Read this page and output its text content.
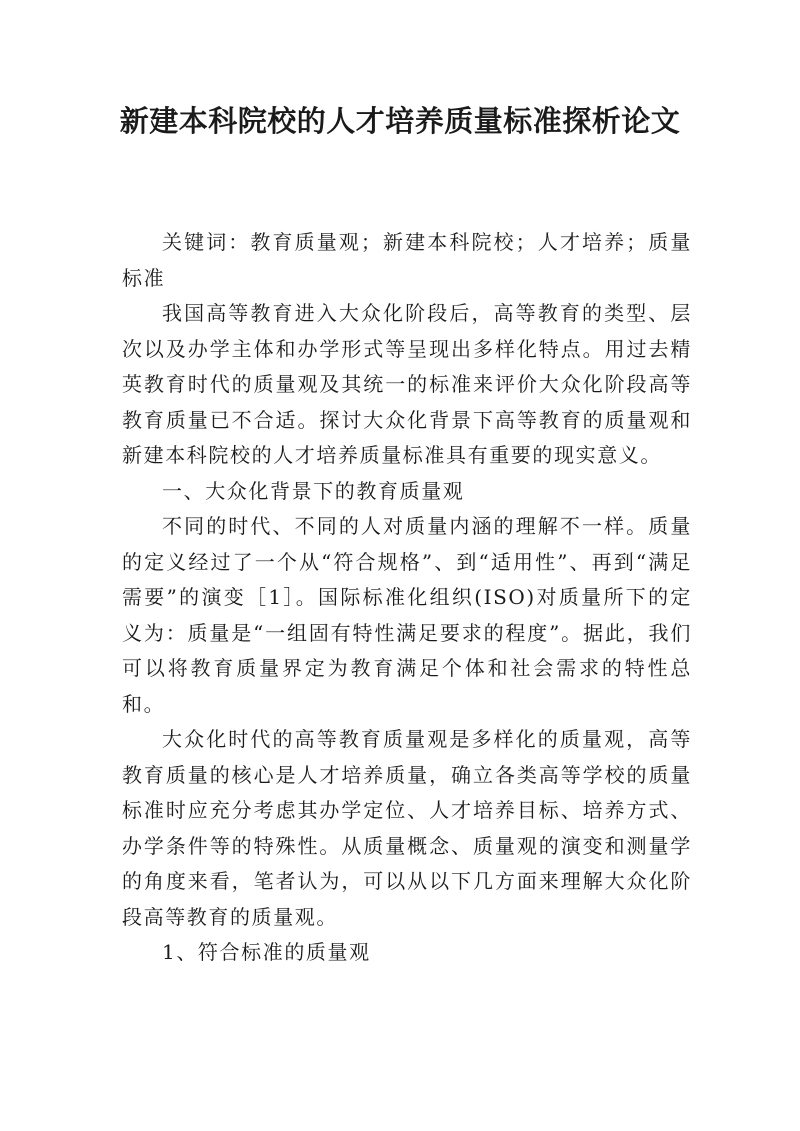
新建本科院校的人才培养质量标准探析论文

关键词：教育质量观；新建本科院校；人才培养；质量标准

我国高等教育进入大众化阶段后，高等教育的类型、层次以及办学主体和办学形式等呈现出多样化特点。用过去精英教育时代的质量观及其统一的标准来评价大众化阶段高等教育质量已不合适。探讨大众化背景下高等教育的质量观和新建本科院校的人才培养质量标准具有重要的现实意义。

一、大众化背景下的教育质量观

不同的时代、不同的人对质量内涵的理解不一样。质量的定义经过了一个从“符合规格”、到“适用性”、再到“满足需要”的演变［1］。国际标准化组织(ISO)对质量所下的定义为：质量是“一组固有特性满足要求的程度”。据此，我们可以将教育质量界定为教育满足个体和社会需求的特性总和。

大众化时代的高等教育质量观是多样化的质量观，高等教育质量的核心是人才培养质量，确立各类高等学校的质量标准时应充分考虑其办学定位、人才培养目标、培养方式、办学条件等的特殊性。从质量概念、质量观的演变和测量学的角度来看，笔者认为，可以从以下几方面来理解大众化阶段高等教育的质量观。

1、符合标准的质量观
